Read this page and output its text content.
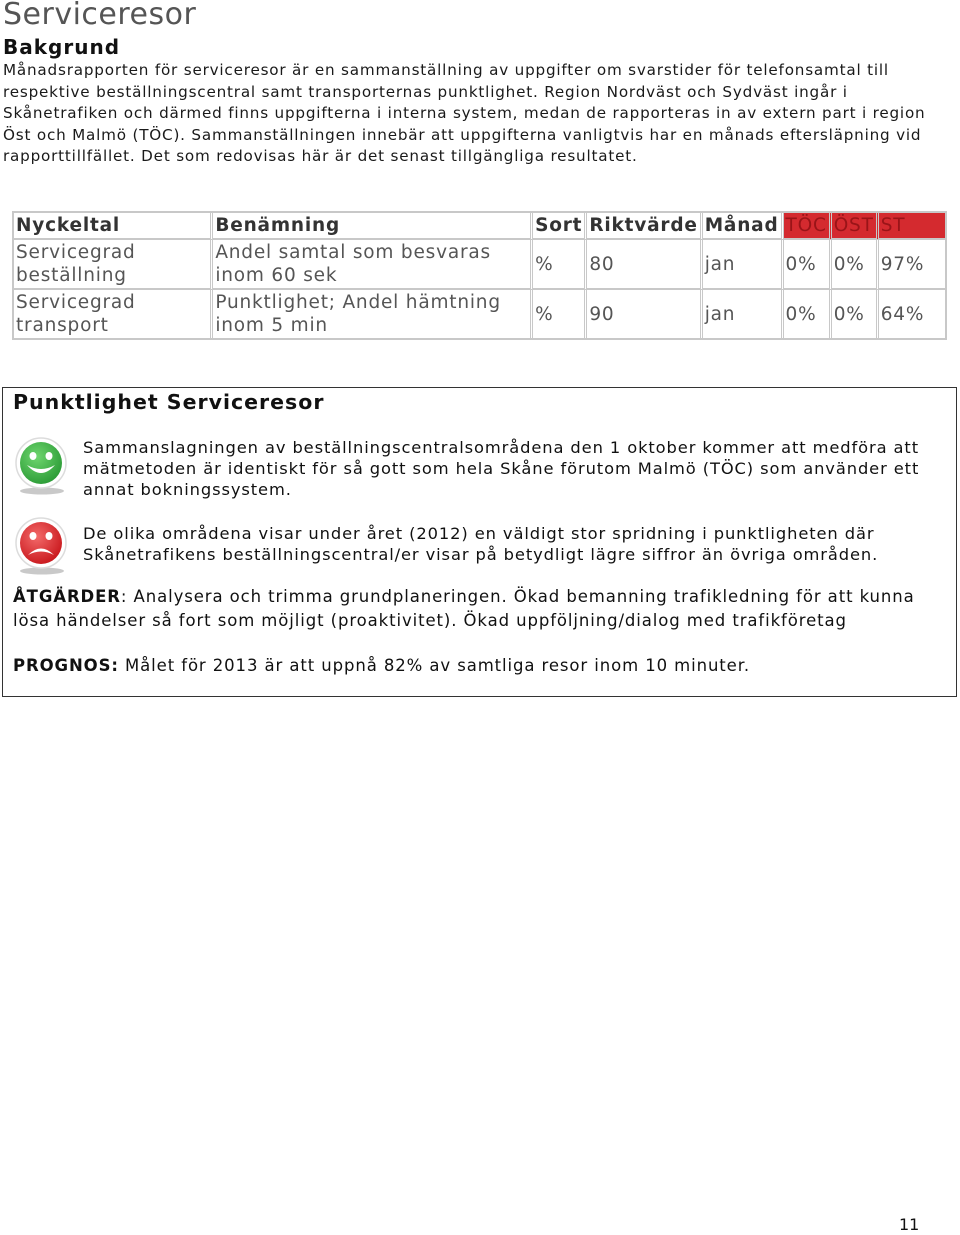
Serviceresor
Bakgrund
Månadsrapporten för serviceresor är en sammanställning av uppgifter om svarstider för telefonsamtal till respektive beställningscentral samt transporternas punktlighet. Region Nordväst och Sydväst ingår i Skånetrafiken och därmed finns uppgifterna i interna system, medan de rapporteras in av extern part i region Öst och Malmö (TÖC). Sammanställningen innebär att uppgifterna vanligtvis har en månads eftersläpning vid rapporttillfället. Det som redovisas här är det senast tillgängliga resultatet.
Nyckeltal	Benämning	Sort	Riktvärde	Månad	TÖC	ÖST	ST
Servicegrad beställning	Andel samtal som besvaras inom 60 sek	%	80	jan	0%	0%	97%
Servicegrad transport	Punktlighet; Andel hämtning inom 5 min	%	90	jan	0%	0%	64%
Punktlighet Serviceresor
Sammanslagningen av beställningscentralsområdena den 1 oktober kommer att medföra att mätmetoden är identiskt för så gott som hela Skåne förutom Malmö (TÖC) som använder ett annat bokningssystem.
De olika områdena visar under året (2012) en väldigt stor spridning i punktligheten där Skånetrafikens beställningscentral/er visar på betydligt lägre siffror än övriga områden.
ÅTGÄRDER: Analysera och trimma grundplaneringen. Ökad bemanning trafikledning för att kunna lösa händelser så fort som möjligt (proaktivitet). Ökad uppföljning/dialog med trafikföretag
PROGNOS: Målet för 2013 är att uppnå 82% av samtliga resor inom 10 minuter.
11
